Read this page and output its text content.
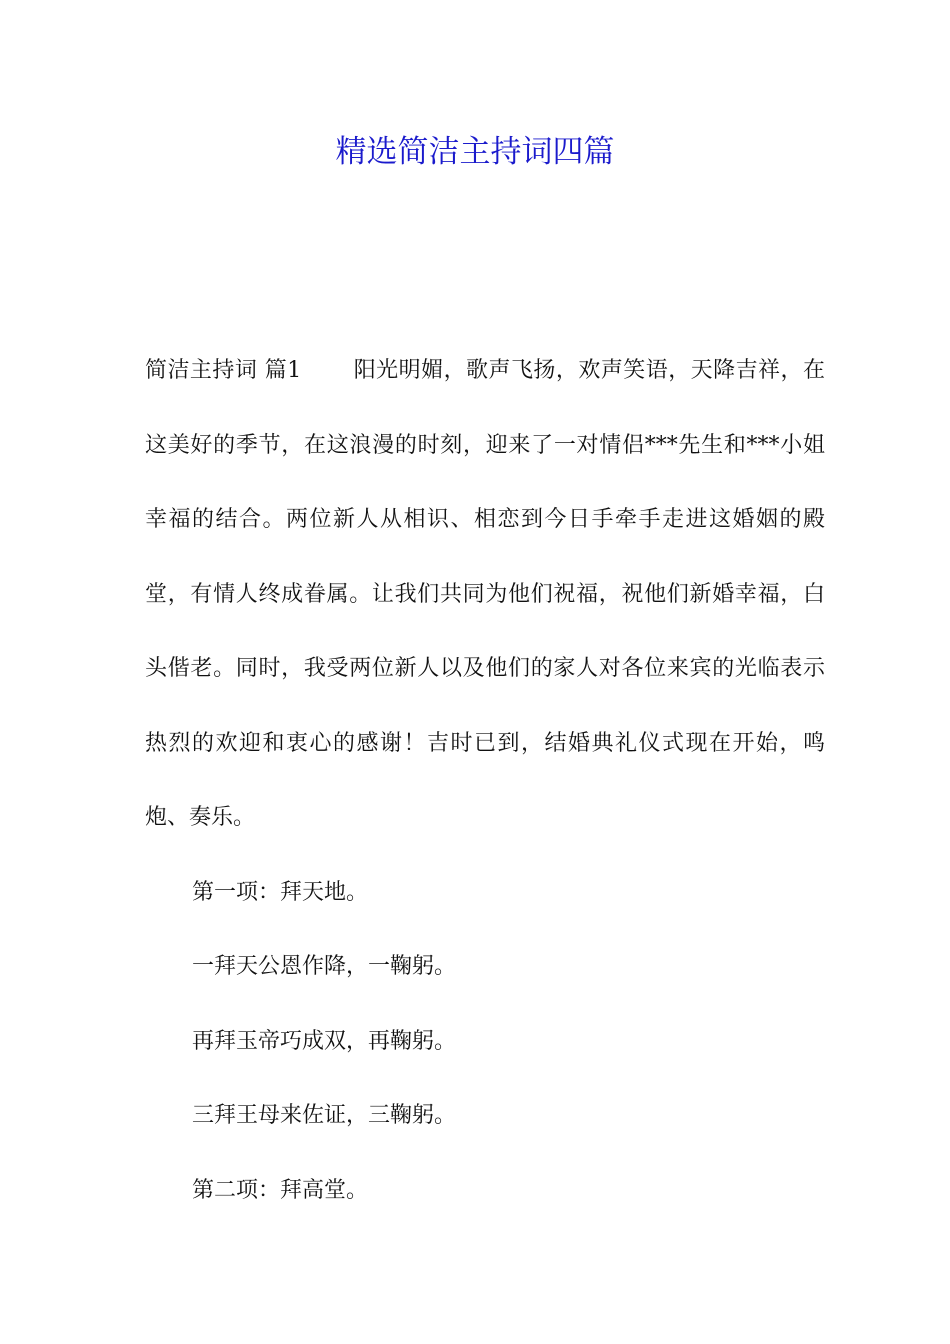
精选简洁主持词四篇

简洁主持词 篇1 阳光明媚，歌声飞扬，欢声笑语，天降吉祥，在这美好的季节，在这浪漫的时刻，迎来了一对情侣***先生和***小姐幸福的结合。两位新人从相识、相恋到今日手牵手走进这婚姻的殿堂，有情人终成眷属。让我们共同为他们祝福，祝他们新婚幸福，白头偕老。同时，我受两位新人以及他们的家人对各位来宾的光临表示热烈的欢迎和衷心的感谢！吉时已到，结婚典礼仪式现在开始，鸣炮、奏乐。

第一项：拜天地。

一拜天公恩作降，一鞠躬。

再拜玉帝巧成双，再鞠躬。

三拜王母来佐证，三鞠躬。

第二项：拜高堂。
